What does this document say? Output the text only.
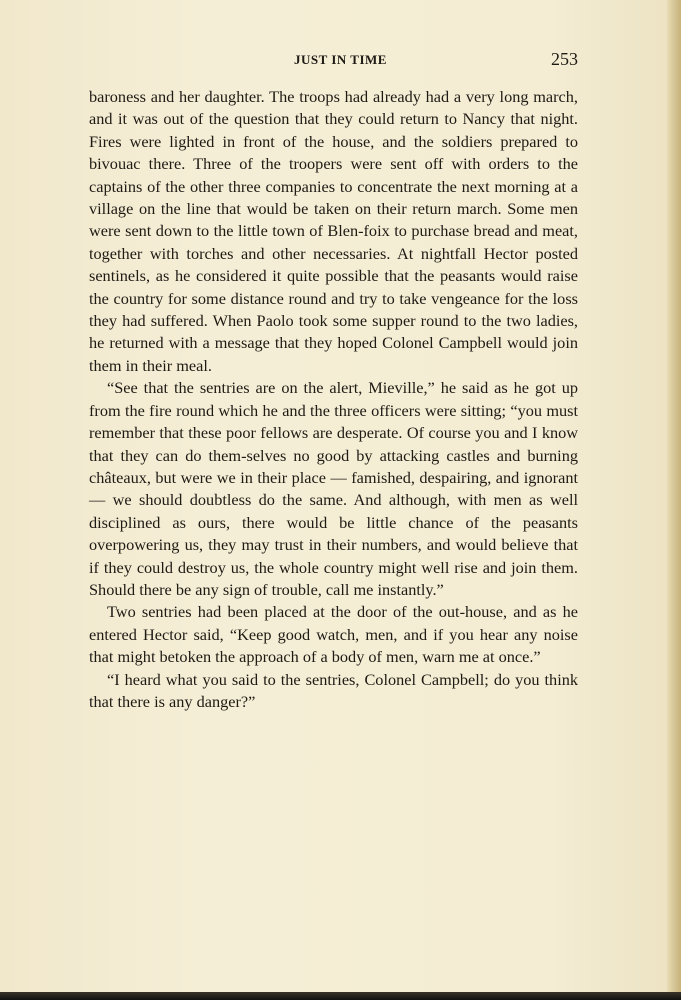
JUST IN TIME	253

baroness and her daughter. The troops had already had a very long march, and it was out of the question that they could return to Nancy that night. Fires were lighted in front of the house, and the soldiers prepared to bivouac there. Three of the troopers were sent off with orders to the captains of the other three companies to concentrate the next morning at a village on the line that would be taken on their return march. Some men were sent down to the little town of Blen-foix to purchase bread and meat, together with torches and other necessaries. At nightfall Hector posted sentinels, as he considered it quite possible that the peasants would raise the country for some distance round and try to take vengeance for the loss they had suffered. When Paolo took some supper round to the two ladies, he returned with a message that they hoped Colonel Campbell would join them in their meal.

“See that the sentries are on the alert, Mieville,” he said as he got up from the fire round which he and the three officers were sitting; “you must remember that these poor fellows are desperate. Of course you and I know that they can do them-selves no good by attacking castles and burning châteaux, but were we in their place — famished, despairing, and ignorant — we should doubtless do the same. And although, with men as well disciplined as ours, there would be little chance of the peasants overpowering us, they may trust in their numbers, and would believe that if they could destroy us, the whole country might well rise and join them. Should there be any sign of trouble, call me instantly.”

Two sentries had been placed at the door of the out-house, and as he entered Hector said, “Keep good watch, men, and if you hear any noise that might betoken the approach of a body of men, warn me at once.”

“I heard what you said to the sentries, Colonel Campbell; do you think that there is any danger?”
